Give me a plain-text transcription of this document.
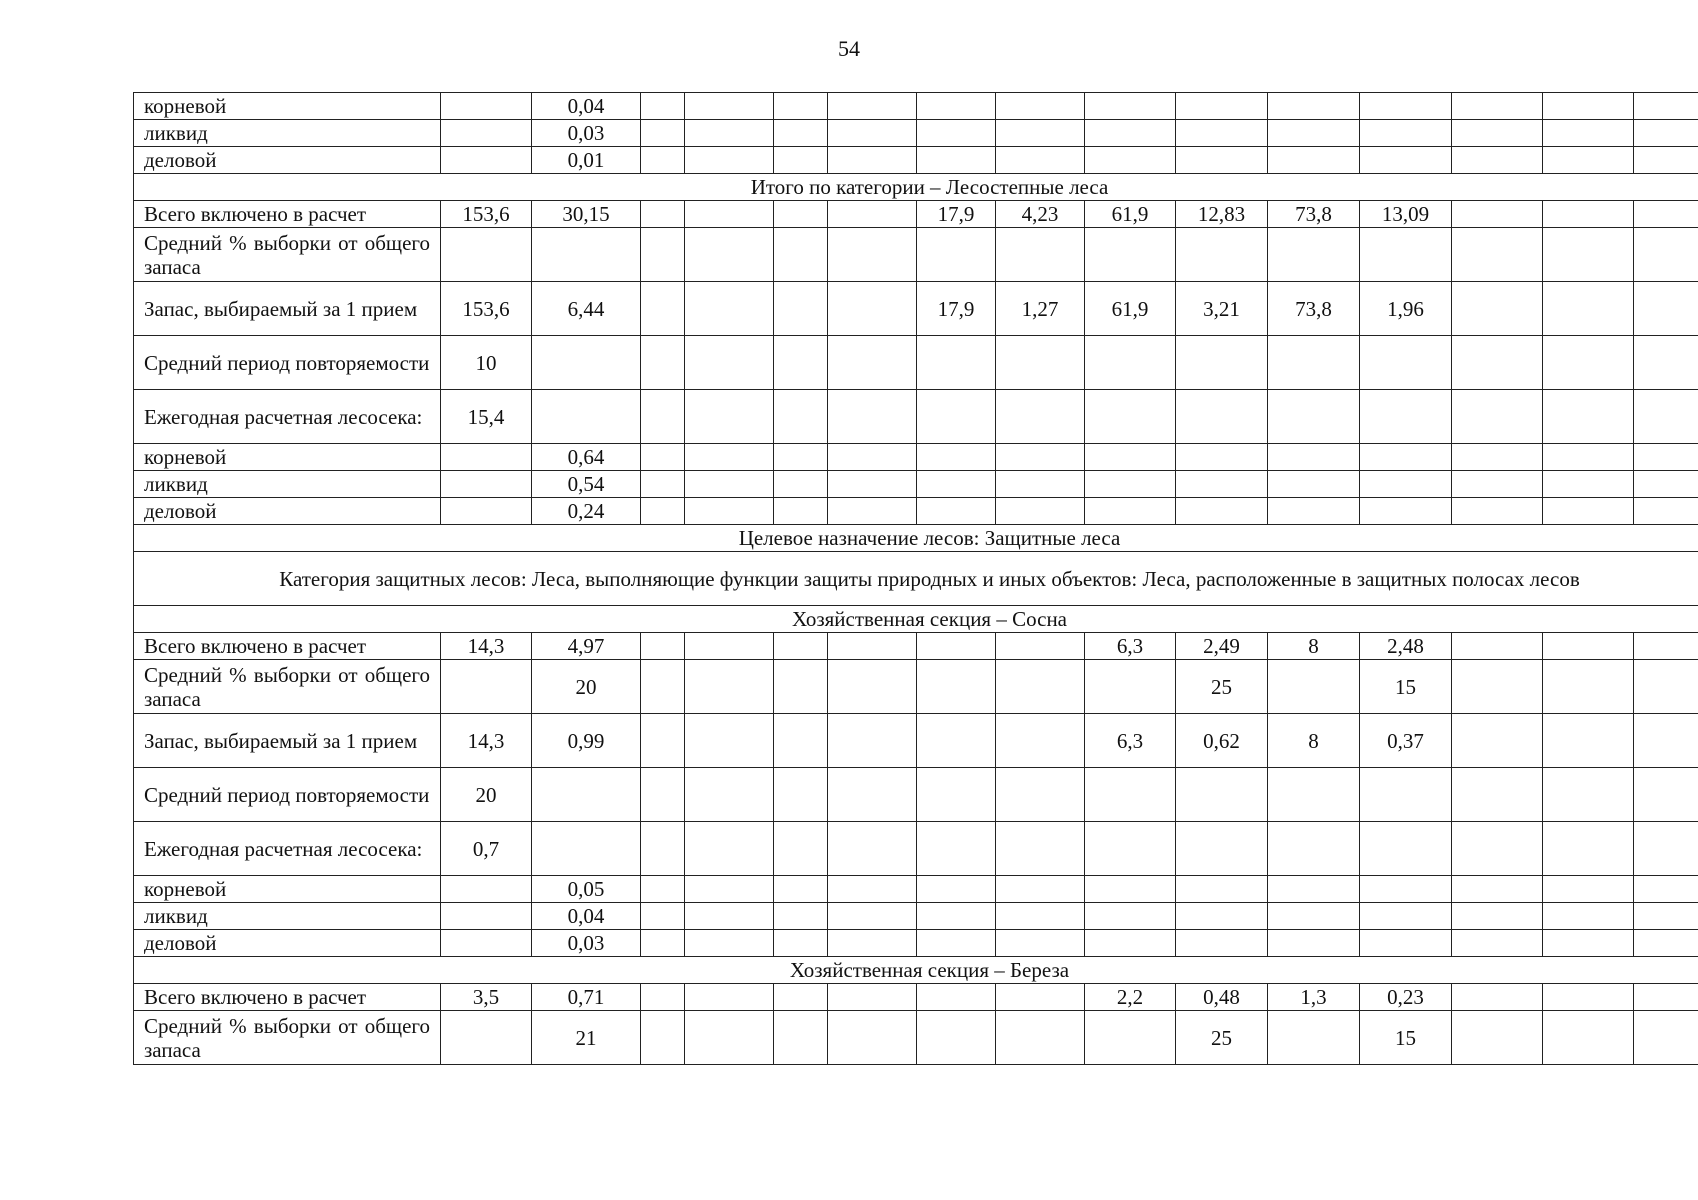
54
корневой		0,04													
ликвид		0,03													
деловой		0,01													
Итого по категории – Лесостепные леса															
Всего включено в расчет	153,6	30,15					17,9	4,23	61,9	12,83	73,8	13,09			
Средний % выборки от общего запаса															
Запас, выбираемый за 1 прием	153,6	6,44					17,9	1,27	61,9	3,21	73,8	1,96			
Средний период повторяемости	10														
Ежегодная расчетная лесосека:	15,4														
корневой		0,64													
ликвид		0,54													
деловой		0,24													
Целевое назначение лесов: Защитные леса															
Категория защитных лесов: Леса, выполняющие функции защиты природных и иных объектов: Леса, расположенные в защитных полосах лесов															
Хозяйственная секция – Сосна															
Всего включено в расчет	14,3	4,97							6,3	2,49	8	2,48			
Средний % выборки от общего запаса		20								25		15			
Запас, выбираемый за 1 прием	14,3	0,99							6,3	0,62	8	0,37			
Средний период повторяемости	20														
Ежегодная расчетная лесосека:	0,7														
корневой		0,05													
ликвид		0,04													
деловой		0,03													
Хозяйственная секция – Береза															
Всего включено в расчет	3,5	0,71							2,2	0,48	1,3	0,23			
Средний % выборки от общего запаса		21								25		15			
